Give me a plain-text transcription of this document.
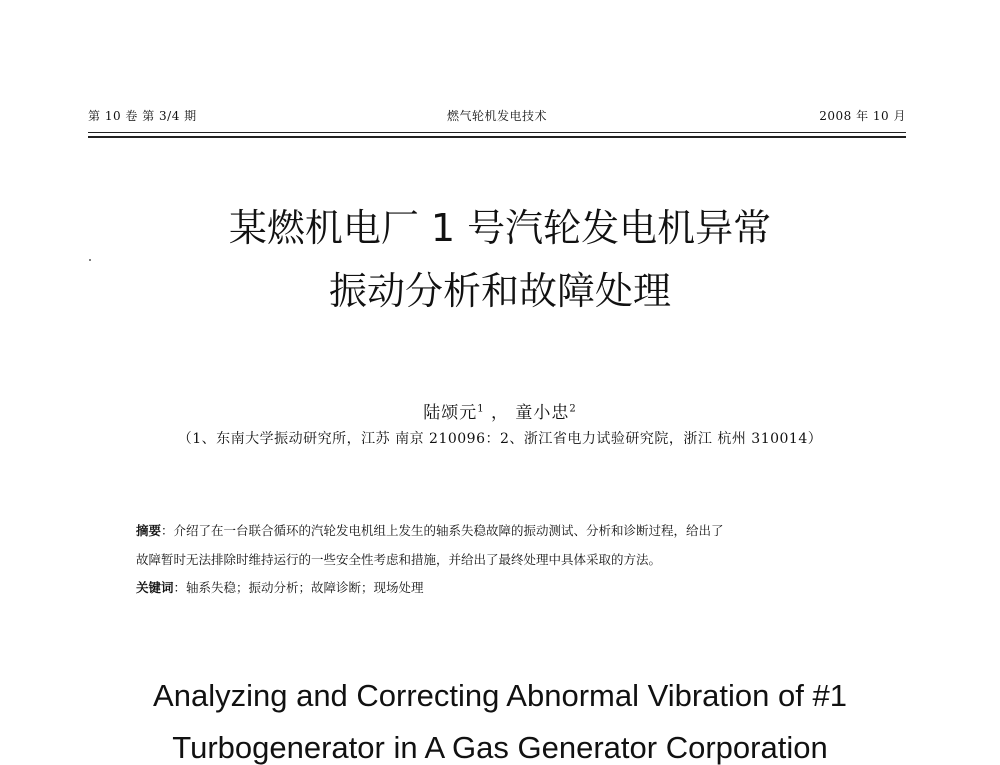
第 10 卷 第 3/4 期	燃气轮机发电技术	2008 年 10 月
某燃机电厂 1 号汽轮发电机异常
振动分析和故障处理
陆颂元$^1$ ， 童小忠$^2$
（1、东南大学振动研究所，江苏 南京 210096：2、浙江省电力试验研究院，浙江 杭州 310014）
摘要：介绍了在一台联合循环的汽轮发电机组上发生的轴系失稳故障的振动测试、分析和诊断过程，给出了
故障暂时无法排除时维持运行的一些安全性考虑和措施，并给出了最终处理中具体采取的方法。
关键词：轴系失稳；振动分析；故障诊断；现场处理
Analyzing and Correcting Abnormal Vibration of #1
Turbogenerator in A Gas Generator Corporation
